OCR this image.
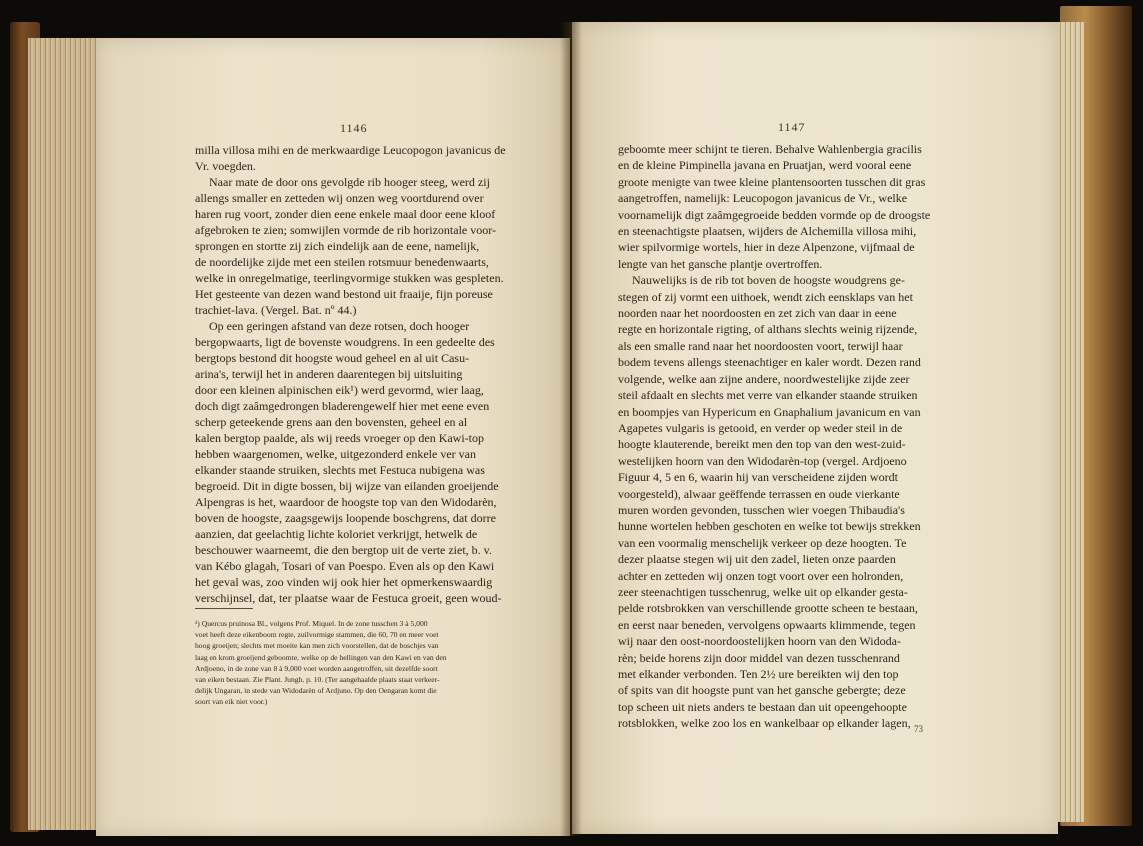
1146	1147
milla villosa mihi en de merkwaardige Leucopogon javanicus de
Vr. voegden.
Naar mate de door ons gevolgde rib hooger steeg, werd zij
allengs smaller en zetteden wij onzen weg voortdurend over
haren rug voort, zonder dien eene enkele maal door eene kloof
afgebroken te zien; somwijlen vormde de rib horizontale voor-
sprongen en stortte zij zich eindelijk aan de eene, namelijk,
de noordelijke zijde met een steilen rotsmuur benedenwaarts,
welke in onregelmatige, teerlingvormige stukken was gespleten.
Het gesteente van dezen wand bestond uit fraaije, fijn poreuse
trachiet-lava. (Vergel. Bat. nº 44.)
Op een geringen afstand van deze rotsen, doch hooger
bergopwaarts, ligt de bovenste woudgrens. In een gedeelte des
bergtops bestond dit hoogste woud geheel en al uit Casu-
arina's, terwijl het in anderen daarentegen bij uitsluiting
door een kleinen alpinischen eik¹) werd gevormd, wier laag,
doch digt zaâmgedrongen bladerengewelf hier met eene even
scherp geteekende grens aan den bovensten, geheel en al
kalen bergtop paalde, als wij reeds vroeger op den Kawi-top
hebben waargenomen, welke, uitgezonderd enkele ver van
elkander staande struiken, slechts met Festuca nubigena was
begroeid. Dit in digte bossen, bij wijze van eilanden groeijende
Alpengras is het, waardoor de hoogste top van den Widodarèn,
boven de hoogste, zaagsgewijs loopende boschgrens, dat dorre
aanzien, dat geelachtig lichte koloriet verkrijgt, hetwelk de
beschouwer waarneemt, die den bergtop uit de verte ziet, b. v.
van Kébo glagah, Tosari of van Poespo. Even als op den Kawi
het geval was, zoo vinden wij ook hier het opmerkenswaardig
verschijnsel, dat, ter plaatse waar de Festuca groeit, geen woud-
¹) Quercus pruinosa Bl., volgens Prof. Miquel. In de zone tusschen 3 à 5,000
voet heeft deze eikenboom regte, zuilvormige stammen, die 60, 70 en meer voet
hoog groeijen; slechts met moeite kan men zich voorstellen, dat de boschjes van
laag en krom groeijend geboomte, welke op de hellingen van den Kawi en van den
Ardjoeno, in de zone van 8 à 9,000 voet worden aangetroffen, uit dezelfde soort
van eiken bestaan. Zie Plant. Jungh. p. 10. (Ter aangehaalde plaats staat verkeer-
delijk Ungaran, in stede van Widodarèn of Ardjuno. Op den Oengaran komt die
soort van eik niet voor.)
geboomte meer schijnt te tieren. Behalve Wahlenbergia gracilis
en de kleine Pimpinella javana en Pruatjan, werd vooral eene
groote menigte van twee kleine plantensoorten tusschen dit gras
aangetroffen, namelijk: Leucopogon javanicus de Vr., welke
voornamelijk digt zaâmgegroeide bedden vormde op de droogste
en steenachtigste plaatsen, wijders de Alchemilla villosa mihi,
wier spilvormige wortels, hier in deze Alpenzone, vijfmaal de
lengte van het gansche plantje overtroffen.
Nauwelijks is de rib tot boven de hoogste woudgrens ge-
stegen of zij vormt een uithoek, wendt zich eensklaps van het
noorden naar het noordoosten en zet zich van daar in eene
regte en horizontale rigting, of althans slechts weinig rijzende,
als een smalle rand naar het noordoosten voort, terwijl haar
bodem tevens allengs steenachtiger en kaler wordt. Dezen rand
volgende, welke aan zijne andere, noordwestelijke zijde zeer
steil afdaalt en slechts met verre van elkander staande struiken
en boompjes van Hypericum en Gnaphalium javanicum en van
Agapetes vulgaris is getooid, en verder op weder steil in de
hoogte klauterende, bereikt men den top van den west-zuid-
westelijken hoorn van den Widodarèn-top (vergel. Ardjoeno
Figuur 4, 5 en 6, waarin hij van verscheidene zijden wordt
voorgesteld), alwaar geëffende terrassen en oude vierkante
muren worden gevonden, tusschen wier voegen Thibaudia's
hunne wortelen hebben geschoten en welke tot bewijs strekken
van een voormalig menschelijk verkeer op deze hoogten. Te
dezer plaatse stegen wij uit den zadel, lieten onze paarden
achter en zetteden wij onzen togt voort over een holronden,
zeer steenachtigen tusschenrug, welke uit op elkander gesta-
pelde rotsbrokken van verschillende grootte scheen te bestaan,
en eerst naar beneden, vervolgens opwaarts klimmende, tegen
wij naar den oost-noordoostelijken hoorn van den Widoda-
rèn; beide horens zijn door middel van dezen tusschenrand
met elkander verbonden. Ten 2½ ure bereikten wij den top
of spits van dit hoogste punt van het gansche gebergte; deze
top scheen uit niets anders te bestaan dan uit opeengehoopte
rotsblokken, welke zoo los en wankelbaar op elkander lagen, 73
